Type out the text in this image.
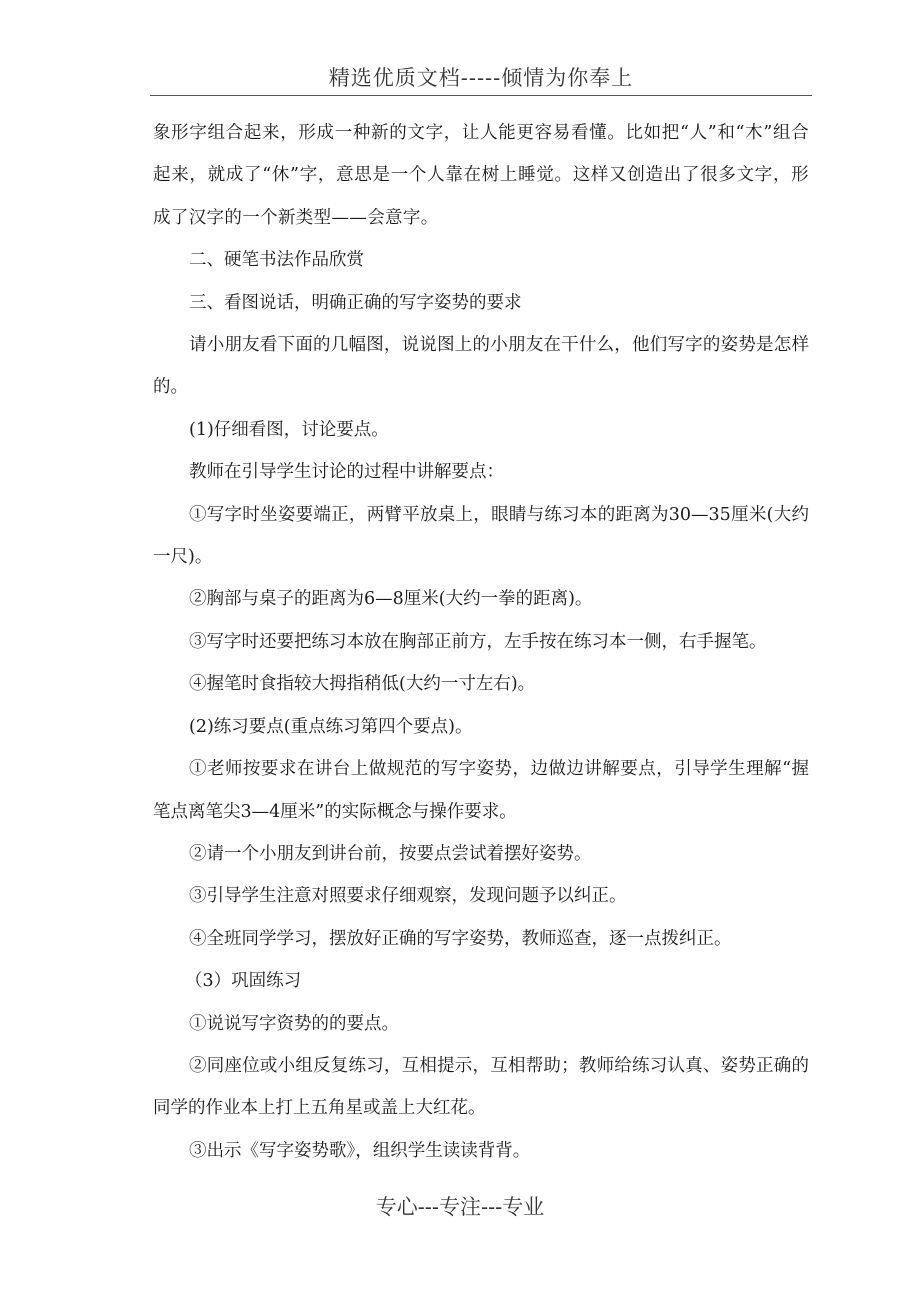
精选优质文档-----倾情为你奉上

象形字组合起来，形成一种新的文字，让人能更容易看懂。比如把“人”和“木”组合起来，就成了“休”字，意思是一个人靠在树上睡觉。这样又创造出了很多文字，形成了汉字的一个新类型——会意字。

二、硬笔书法作品欣赏

三、看图说话，明确正确的写字姿势的要求

请小朋友看下面的几幅图，说说图上的小朋友在干什么，他们写字的姿势是怎样的。

(1)仔细看图，讨论要点。

教师在引导学生讨论的过程中讲解要点：

①写字时坐姿要端正，两臂平放桌上，眼睛与练习本的距离为30—35厘米(大约一尺)。

②胸部与桌子的距离为6—8厘米(大约一拳的距离)。

③写字时还要把练习本放在胸部正前方，左手按在练习本一侧，右手握笔。

④握笔时食指较大拇指稍低(大约一寸左右)。

(2)练习要点(重点练习第四个要点)。

①老师按要求在讲台上做规范的写字姿势，边做边讲解要点，引导学生理解“握笔点离笔尖3—4厘米”的实际概念与操作要求。

②请一个小朋友到讲台前，按要点尝试着摆好姿势。

③引导学生注意对照要求仔细观察，发现问题予以纠正。

④全班同学学习，摆放好正确的写字姿势，教师巡查，逐一点拨纠正。

（3）巩固练习

①说说写字资势的的要点。

②同座位或小组反复练习，互相提示，互相帮助；教师给练习认真、姿势正确的同学的作业本上打上五角星或盖上大红花。

③出示《写字姿势歌》，组织学生读读背背。

专心---专注---专业
